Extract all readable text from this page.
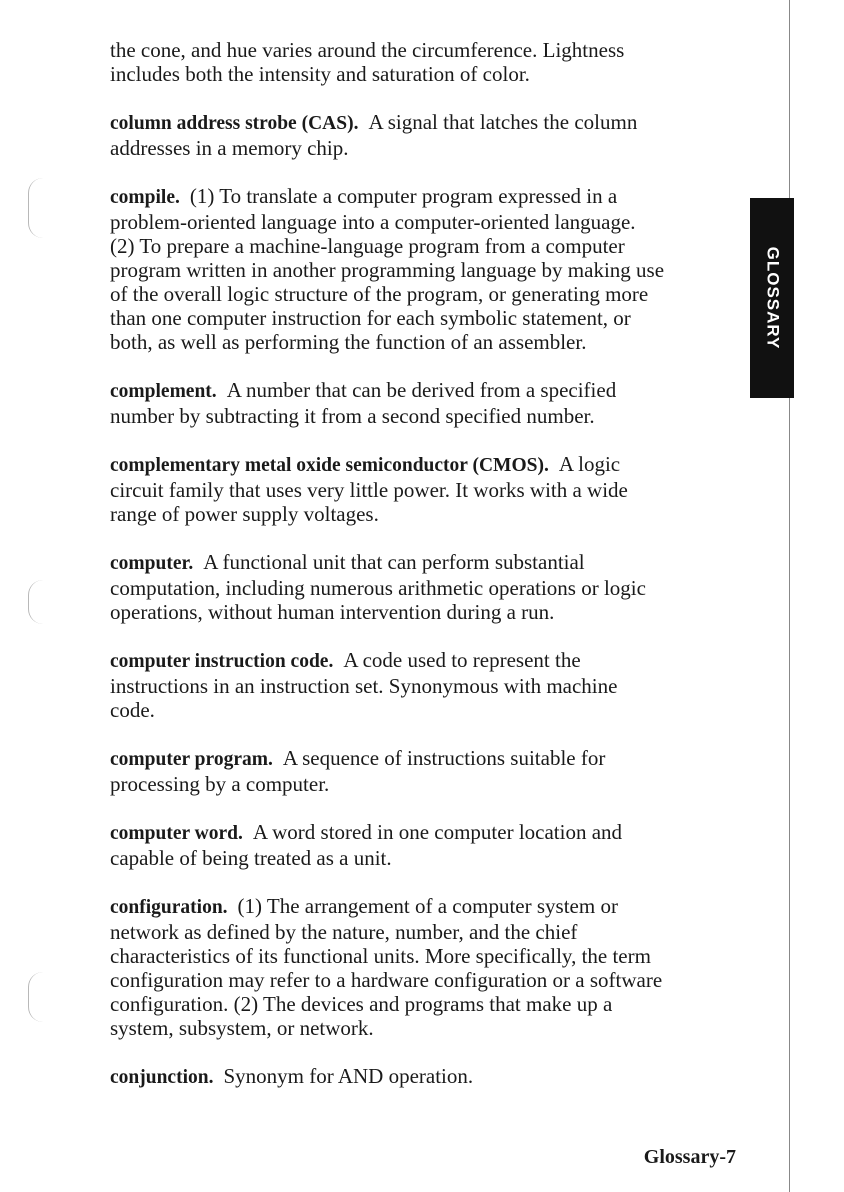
GLOSSARY
the cone, and hue varies around the circumference. Lightness
includes both the intensity and saturation of color.
column address strobe (CAS). A signal that latches the column
addresses in a memory chip.
compile. (1) To translate a computer program expressed in a
problem-oriented language into a computer-oriented language.
(2) To prepare a machine-language program from a computer
program written in another programming language by making use
of the overall logic structure of the program, or generating more
than one computer instruction for each symbolic statement, or
both, as well as performing the function of an assembler.
complement. A number that can be derived from a specified
number by subtracting it from a second specified number.
complementary metal oxide semiconductor (CMOS). A logic
circuit family that uses very little power. It works with a wide
range of power supply voltages.
computer. A functional unit that can perform substantial
computation, including numerous arithmetic operations or logic
operations, without human intervention during a run.
computer instruction code. A code used to represent the
instructions in an instruction set. Synonymous with machine
code.
computer program. A sequence of instructions suitable for
processing by a computer.
computer word. A word stored in one computer location and
capable of being treated as a unit.
configuration. (1) The arrangement of a computer system or
network as defined by the nature, number, and the chief
characteristics of its functional units. More specifically, the term
configuration may refer to a hardware configuration or a software
configuration. (2) The devices and programs that make up a
system, subsystem, or network.
conjunction. Synonym for AND operation.
Glossary-7
